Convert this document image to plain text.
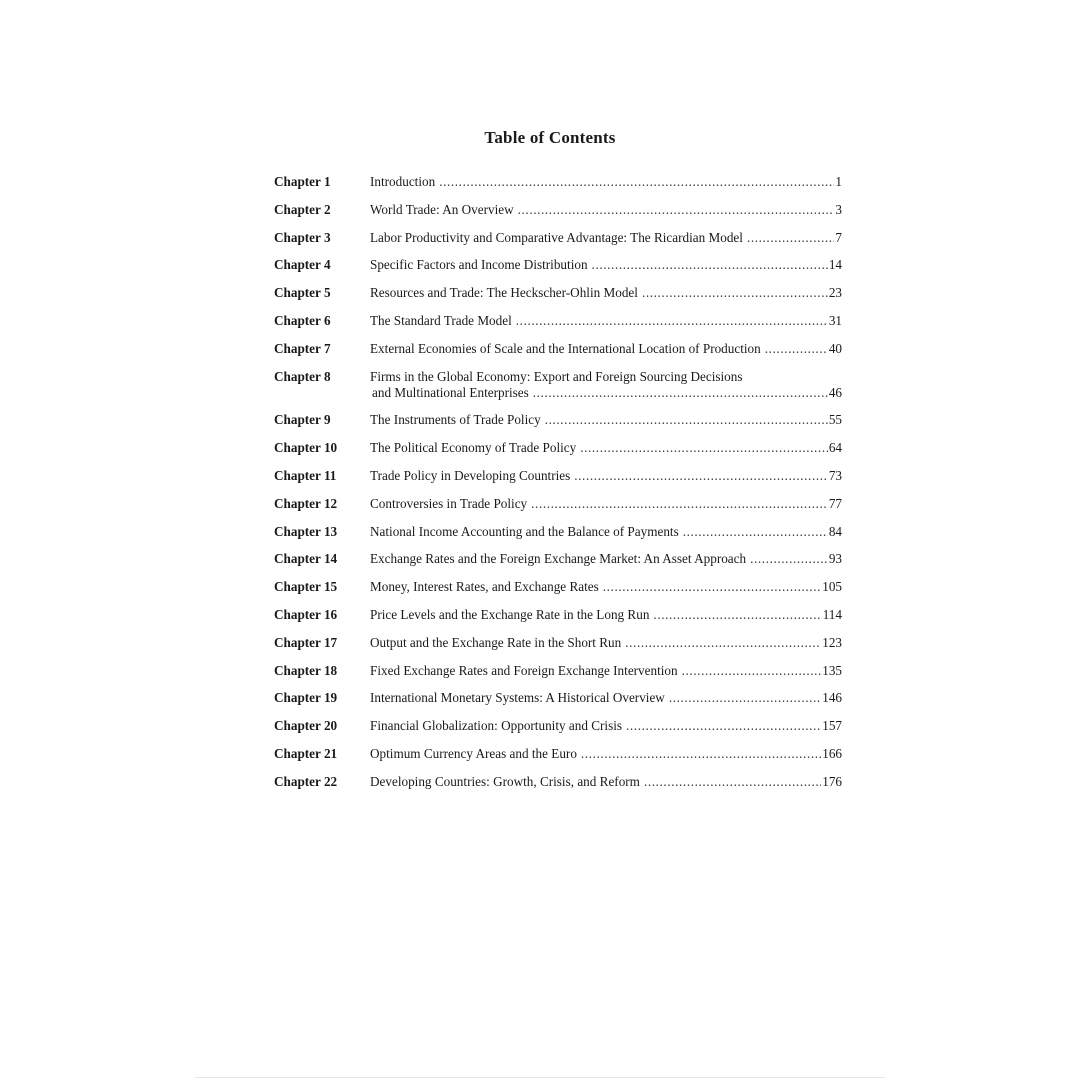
Table of Contents
Chapter 1	Introduction .....	1
Chapter 2	World Trade: An Overview .....	3
Chapter 3	Labor Productivity and Comparative Advantage: The Ricardian Model .....	7
Chapter 4	Specific Factors and Income Distribution .....	14
Chapter 5	Resources and Trade: The Heckscher-Ohlin Model .....	23
Chapter 6	The Standard Trade Model .....	31
Chapter 7	External Economies of Scale and the International Location of Production .....	40
Chapter 8	Firms in the Global Economy: Export and Foreign Sourcing Decisions
and Multinational Enterprises .....	46
Chapter 9	The Instruments of Trade Policy .....	55
Chapter 10	The Political Economy of Trade Policy .....	64
Chapter 11	Trade Policy in Developing Countries .....	73
Chapter 12	Controversies in Trade Policy .....	77
Chapter 13	National Income Accounting and the Balance of Payments .....	84
Chapter 14	Exchange Rates and the Foreign Exchange Market: An Asset Approach .....	93
Chapter 15	Money, Interest Rates, and Exchange Rates .....	105
Chapter 16	Price Levels and the Exchange Rate in the Long Run .....	114
Chapter 17	Output and the Exchange Rate in the Short Run .....	123
Chapter 18	Fixed Exchange Rates and Foreign Exchange Intervention .....	135
Chapter 19	International Monetary Systems: A Historical Overview .....	146
Chapter 20	Financial Globalization: Opportunity and Crisis .....	157
Chapter 21	Optimum Currency Areas and the Euro .....	166
Chapter 22	Developing Countries: Growth, Crisis, and Reform .....	176
